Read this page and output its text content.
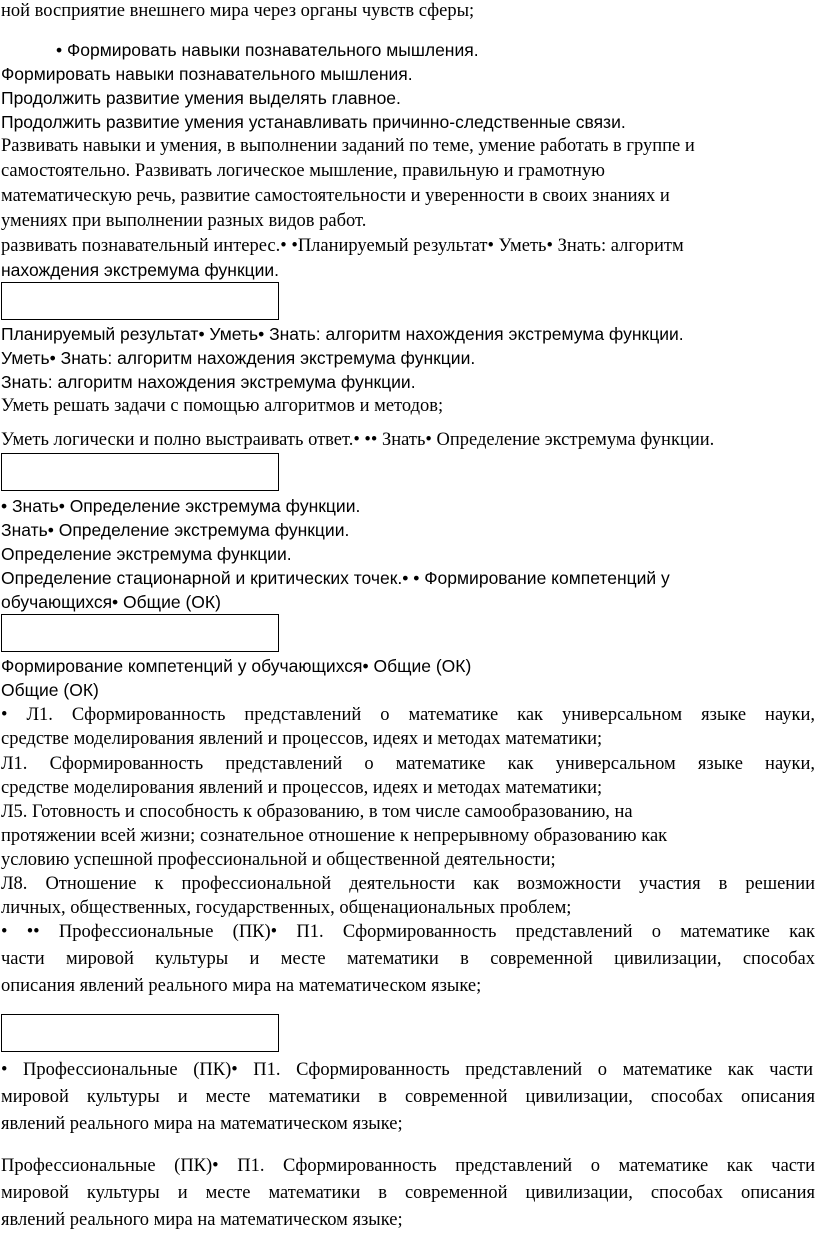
ной восприятие внешнего мира через органы чувств сферы;
• Формировать навыки познавательного мышления.
Формировать навыки познавательного мышления.
Продолжить развитие умения выделять главное.
Продолжить развитие умения устанавливать причинно-следственные связи.
Развивать навыки и умения, в выполнении заданий по теме, умение работать в группе и
самостоятельно. Развивать логическое мышление, правильную и грамотную
математическую речь, развитие самостоятельности и уверенности в своих знаниях и
умениях при выполнении разных видов работ.
развивать познавательный интерес.• •Планируемый результат• Уметь• Знать: алгоритм
нахождения экстремума функции.
Планируемый результат• Уметь• Знать: алгоритм нахождения экстремума функции.
Уметь• Знать: алгоритм нахождения экстремума функции.
Знать: алгоритм нахождения экстремума функции.
Уметь решать задачи с помощью алгоритмов и методов;
Уметь логически и полно выстраивать ответ.• •• Знать• Определение экстремума функции.
• Знать• Определение экстремума функции.
Знать• Определение экстремума функции.
Определение экстремума функции.
Определение стационарной и критических точек.• • Формирование компетенций у
обучающихся• Общие (ОК)
Формирование компетенций у обучающихся• Общие (ОК)
Общие (ОК)
• Л1. Сформированность представлений о математике как универсальном языке науки,
средстве моделирования явлений и процессов, идеях и методах математики;
Л1. Сформированность представлений о математике как универсальном языке науки,
средстве моделирования явлений и процессов, идеях и методах математики;
Л5. Готовность и способность к образованию, в том числе самообразованию, на
протяжении всей жизни; сознательное отношение к непрерывному образованию как
условию успешной профессиональной и общественной деятельности;
Л8. Отношение к профессиональной деятельности как возможности участия в решении
личных, общественных, государственных, общенациональных проблем;
• •• Профессиональные (ПК)• П1. Сформированность представлений о математике как
части мировой культуры и месте математики в современной цивилизации, способах
описания явлений реального мира на математическом языке;
• Профессиональные (ПК)• П1. Сформированность представлений о математике как части
мировой культуры и месте математики в современной цивилизации, способах описания
явлений реального мира на математическом языке;
Профессиональные (ПК)• П1. Сформированность представлений о математике как части
мировой культуры и месте математики в современной цивилизации, способах описания
явлений реального мира на математическом языке;
